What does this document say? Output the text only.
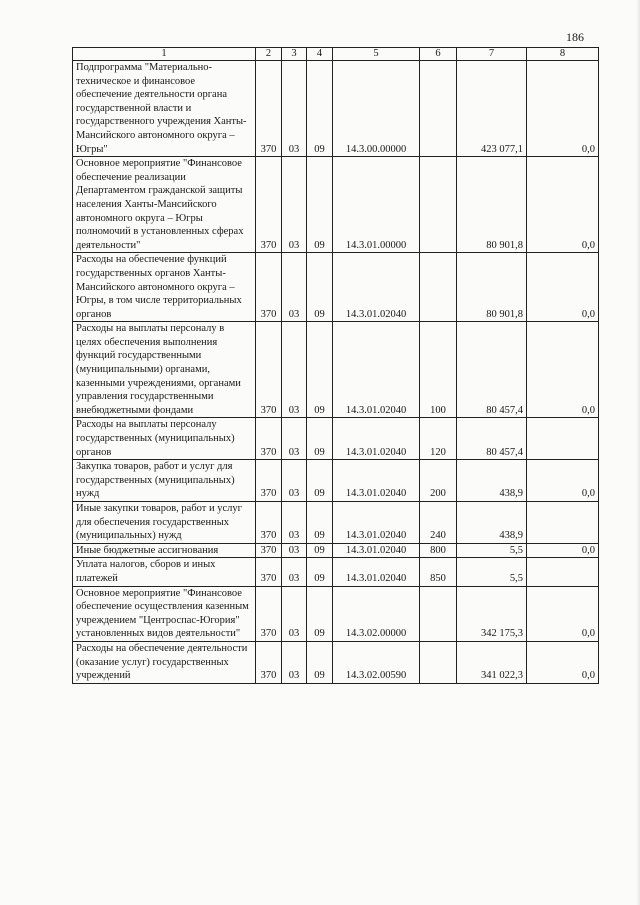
186
1	2	3	4	5	6	7	8
Подпрограмма "Материально-техническое и финансовое обеспечение деятельности органа государственной власти и государственного учреждения Ханты-Мансийского автономного округа – Югры"	370	03	09	14.3.00.00000		423 077,1	0,0
Основное мероприятие "Финансовое обеспечение реализации Департаментом гражданской защиты населения Ханты-Мансийского автономного округа – Югры полномочий в установленных сферах деятельности"	370	03	09	14.3.01.00000		80 901,8	0,0
Расходы на обеспечение функций государственных органов Ханты-Мансийского автономного округа – Югры, в том числе территориальных органов	370	03	09	14.3.01.02040		80 901,8	0,0
Расходы на выплаты персоналу в целях обеспечения выполнения функций государственными (муниципальными) органами, казенными учреждениями, органами управления государственными внебюджетными фондами	370	03	09	14.3.01.02040	100	80 457,4	0,0
Расходы на выплаты персоналу государственных (муниципальных) органов	370	03	09	14.3.01.02040	120	80 457,4	
Закупка товаров, работ и услуг для государственных (муниципальных) нужд	370	03	09	14.3.01.02040	200	438,9	0,0
Иные закупки товаров, работ и услуг для обеспечения государственных (муниципальных) нужд	370	03	09	14.3.01.02040	240	438,9	
Иные бюджетные ассигнования	370	03	09	14.3.01.02040	800	5,5	0,0
Уплата налогов, сборов и иных платежей	370	03	09	14.3.01.02040	850	5,5	
Основное мероприятие "Финансовое обеспечение осуществления казенным учреждением "Центроспас-Югория" установленных видов деятельности"	370	03	09	14.3.02.00000		342 175,3	0,0
Расходы на обеспечение деятельности (оказание услуг) государственных учреждений	370	03	09	14.3.02.00590		341 022,3	0,0
